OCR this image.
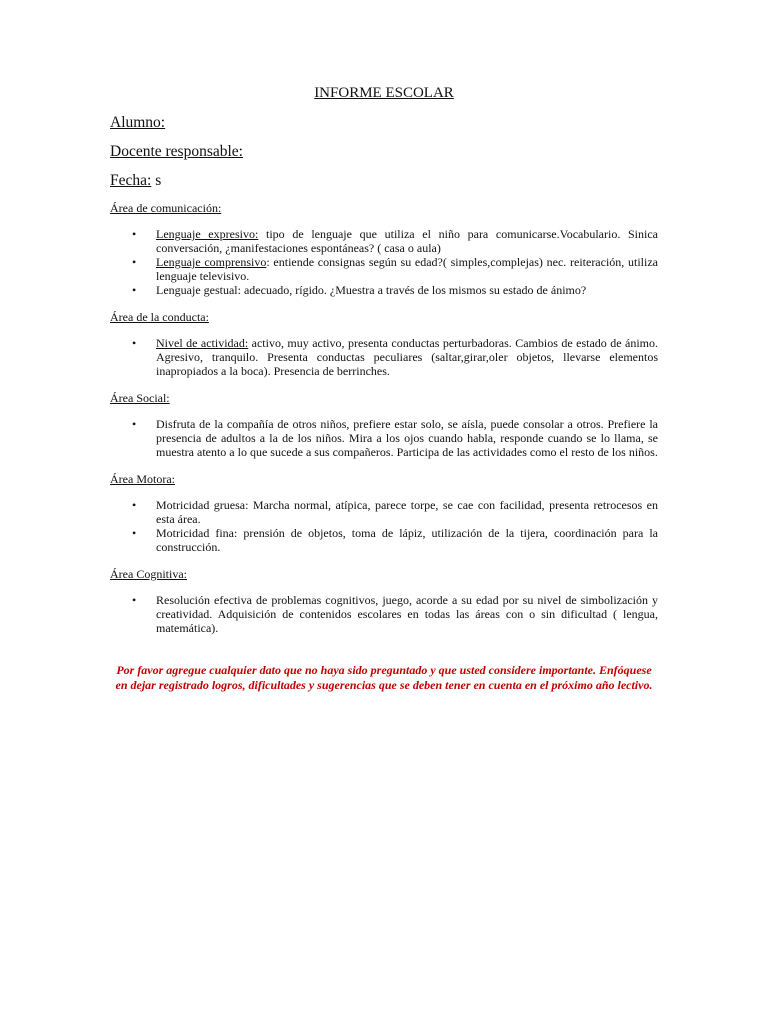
INFORME ESCOLAR
Alumno:
Docente responsable:
Fecha: s
Área de comunicación:
• Lenguaje expresivo: tipo de lenguaje que utiliza el niño para comunicarse.Vocabulario. Sinica conversación, ¿manifestaciones espontáneas? ( casa o aula)
• Lenguaje comprensivo: entiende consignas según su edad?( simples,complejas) nec. reiteración, utiliza lenguaje televisivo.
• Lenguaje gestual: adecuado, rígido. ¿Muestra a través de los mismos su estado de ánimo?
Área de la conducta:
• Nivel de actividad: activo, muy activo, presenta conductas perturbadoras. Cambios de estado de ánimo. Agresivo, tranquilo. Presenta conductas peculiares (saltar,girar,oler objetos, llevarse elementos inapropiados a la boca). Presencia de berrinches.
Área Social:
• Disfruta de la compañía de otros niños, prefiere estar solo, se aísla, puede consolar a otros. Prefiere la presencia de adultos a la de los niños. Mira a los ojos cuando habla, responde cuando se lo llama, se muestra atento a lo que sucede a sus compañeros. Participa de las actividades como el resto de los niños.
Área Motora:
• Motricidad gruesa: Marcha normal, atípica, parece torpe, se cae con facilidad, presenta retrocesos en esta área.
• Motricidad fina: prensión de objetos, toma de lápiz, utilización de la tijera, coordinación para la construcción.
Área Cognitiva:
• Resolución efectiva de problemas cognitivos, juego, acorde a su edad por su nivel de simbolización y creatividad. Adquisición de contenidos escolares en todas las áreas con o sin dificultad ( lengua, matemática).
Por favor agregue cualquier dato que no haya sido preguntado y que usted considere importante. Enfóquese en dejar registrado logros, dificultades y sugerencias que se deben tener en cuenta en el próximo año lectivo.
